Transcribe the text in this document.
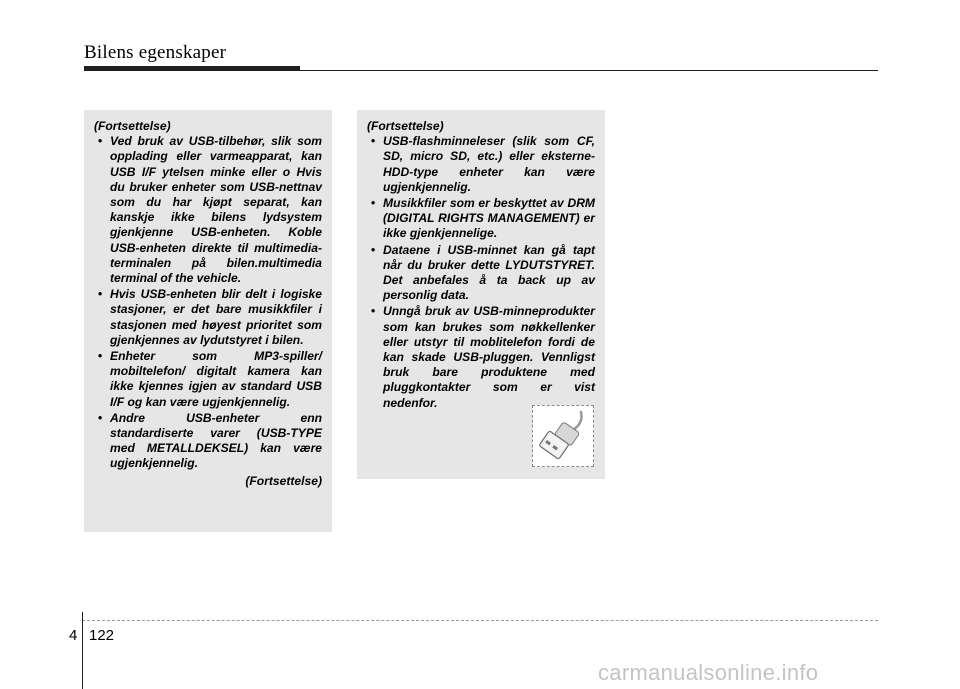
Bilens egenskaper
(Fortsettelse)
• Ved bruk av USB-tilbehør, slik som opplading eller varmeapparat, kan USB I/F ytelsen minke eller o Hvis du bruker enheter som USB-nettnav som du har kjøpt separat, kan kanskje ikke bilens lydsystem gjenkjenne USB-enheten. Koble USB-enheten direkte til multimedia-terminalen på bilen.multimedia terminal of the vehicle.
• Hvis USB-enheten blir delt i logiske stasjoner, er det bare musikkfiler i stasjonen med høyest prioritet som gjenkjennes av lydutstyret i bilen.
• Enheter som MP3-spiller/ mobiltelefon/ digitalt kamera kan ikke kjennes igjen av standard USB I/F og kan være ugjenkjennelig.
• Andre USB-enheter enn standardiserte varer (USB-TYPE med METALLDEKSEL) kan være ugjenkjennelig.
(Fortsettelse)
(Fortsettelse)
• USB-flashminneleser (slik som CF, SD, micro SD, etc.) eller eksterne-HDD-type enheter kan være ugjenkjennelig.
• Musikkfiler som er beskyttet av DRM (DIGITAL RIGHTS MANAGEMENT) er ikke gjenkjennelige.
• Dataene i USB-minnet kan gå tapt når du bruker dette LYDUTSTYRET. Det anbefales å ta back up av personlig data.
• Unngå bruk av USB-minneprodukter som kan brukes som nøkkellenker eller utstyr til moblitelefon fordi de kan skade USB-pluggen. Vennligst bruk bare produktene med pluggkontakter som er vist nedenfor.
4 122
carmanualsonline.info
